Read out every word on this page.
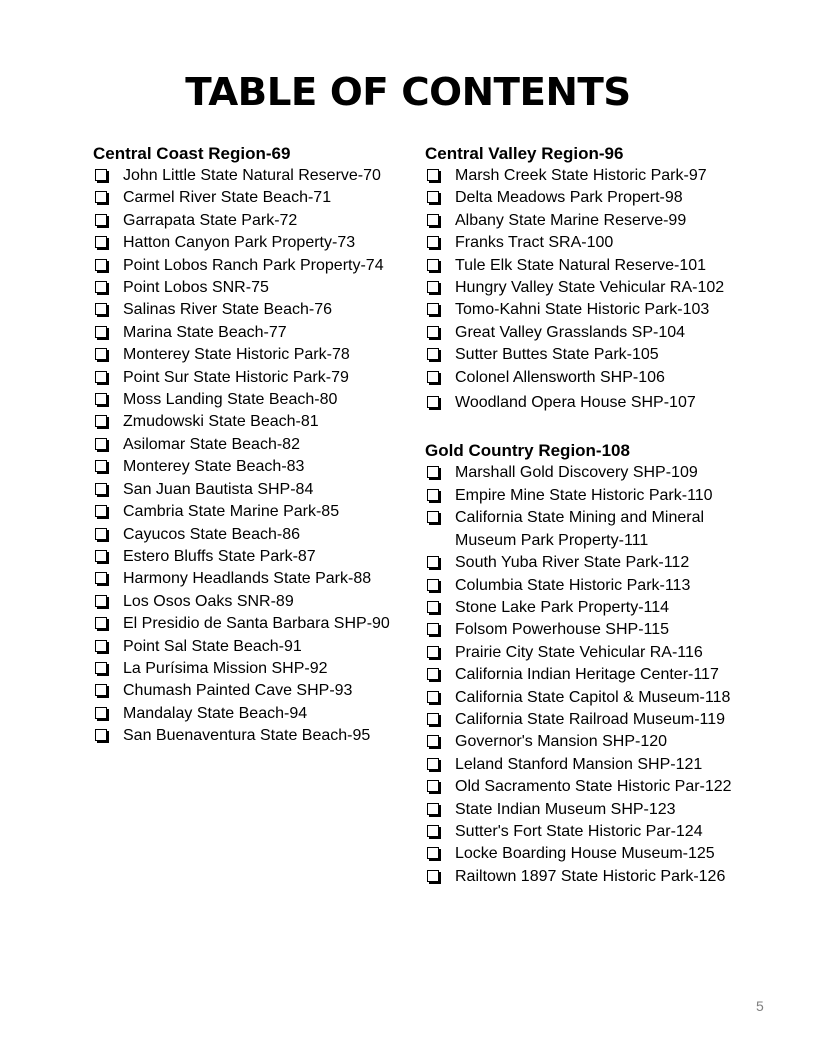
TABLE OF CONTENTS
Central Coast Region-69
John Little State Natural Reserve-70
Carmel River State Beach-71
Garrapata State Park-72
Hatton Canyon Park Property-73
Point Lobos Ranch Park Property-74
Point Lobos SNR-75
Salinas River State Beach-76
Marina State Beach-77
Monterey State Historic Park-78
Point Sur State Historic Park-79
Moss Landing State Beach-80
Zmudowski State Beach-81
Asilomar State Beach-82
Monterey State Beach-83
San Juan Bautista SHP-84
Cambria State Marine Park-85
Cayucos State Beach-86
Estero Bluffs State Park-87
Harmony Headlands State Park-88
Los Osos Oaks SNR-89
El Presidio de Santa Barbara SHP-90
Point Sal State Beach-91
La Purísima Mission SHP-92
Chumash Painted Cave SHP-93
Mandalay State Beach-94
San Buenaventura State Beach-95
Central Valley Region-96
Marsh Creek State Historic Park-97
Delta Meadows Park Propert-98
Albany State Marine Reserve-99
Franks Tract SRA-100
Tule Elk State Natural Reserve-101
Hungry Valley State Vehicular RA-102
Tomo-Kahni State Historic Park-103
Great Valley Grasslands SP-104
Sutter Buttes State Park-105
Colonel Allensworth SHP-106
Woodland Opera House SHP-107
Gold Country Region-108
Marshall Gold Discovery SHP-109
Empire Mine State Historic Park-110
California State Mining and Mineral Museum Park Property-111
South Yuba River State Park-112
Columbia State Historic Park-113
Stone Lake Park Property-114
Folsom Powerhouse SHP-115
Prairie City State Vehicular RA-116
California Indian Heritage Center-117
California State Capitol & Museum-118
California State Railroad Museum-119
Governor's Mansion SHP-120
Leland Stanford Mansion SHP-121
Old Sacramento State Historic Par-122
State Indian Museum SHP-123
Sutter's Fort State Historic Par-124
Locke Boarding House Museum-125
Railtown 1897 State Historic Park-126
5
